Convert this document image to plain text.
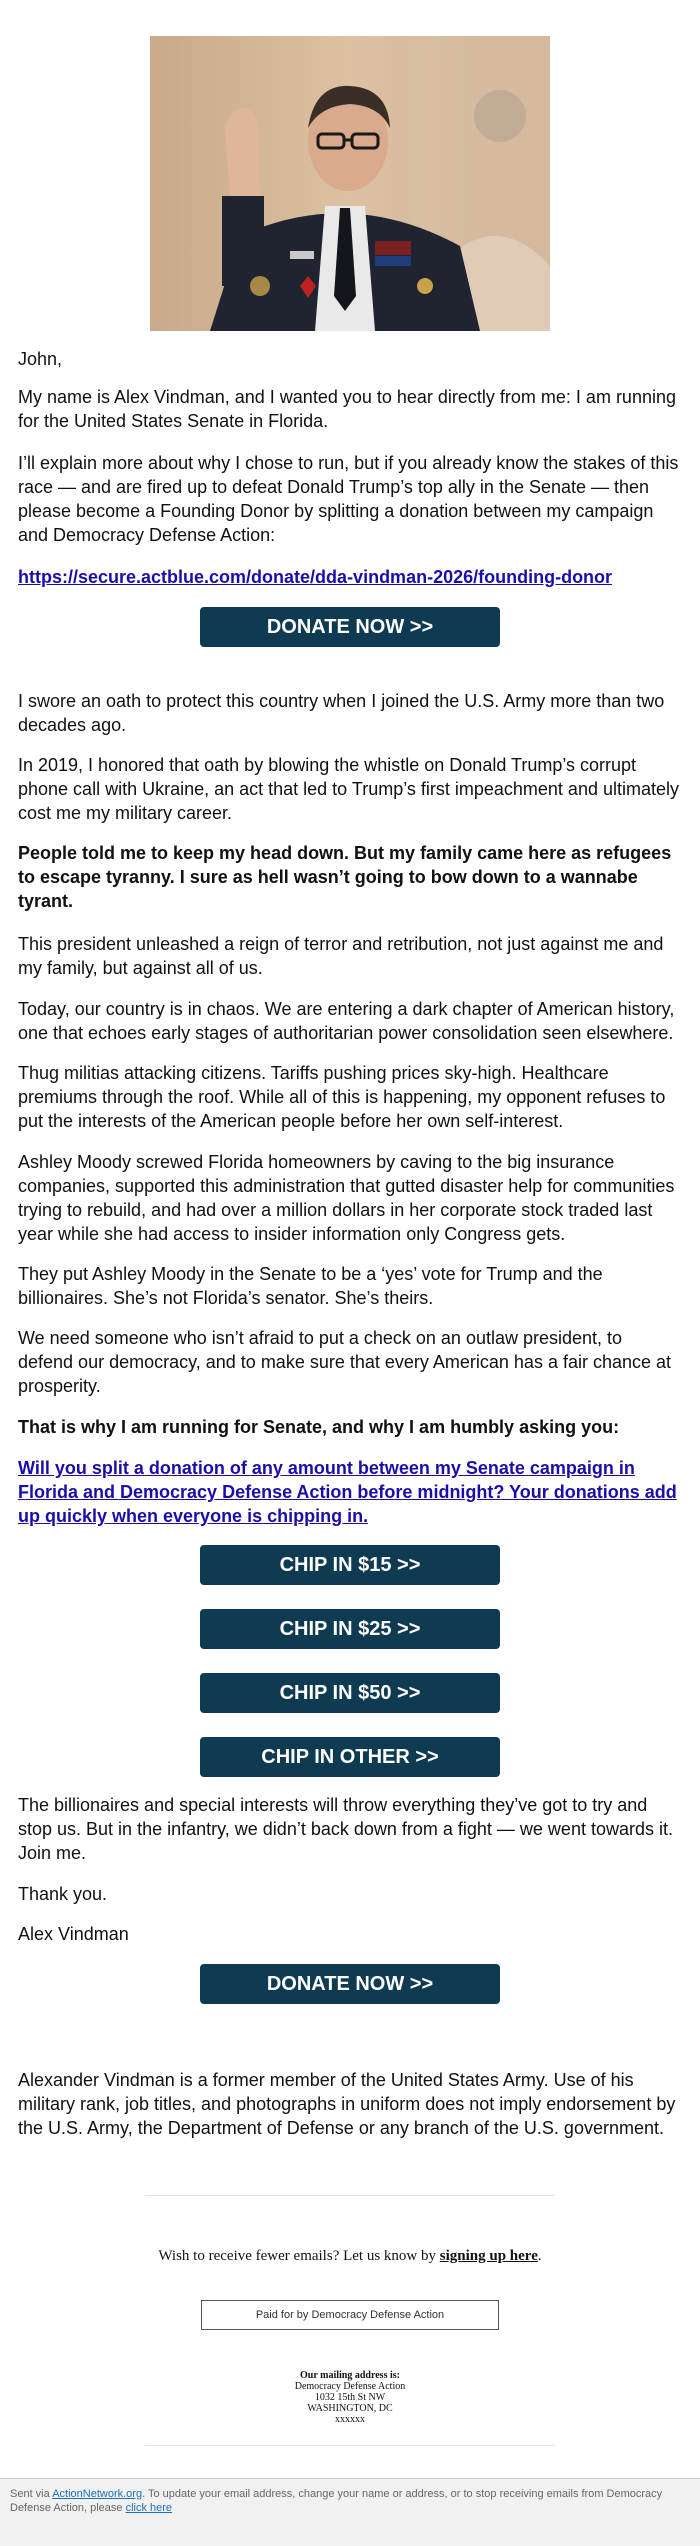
John,

My name is Alex Vindman, and I wanted you to hear directly from me: I am running for the United States Senate in Florida.

I’ll explain more about why I chose to run, but if you already know the stakes of this race — and are fired up to defeat Donald Trump’s top ally in the Senate — then please become a Founding Donor by splitting a donation between my campaign and Democracy Defense Action:

https://secure.actblue.com/donate/dda-vindman-2026/founding-donor

DONATE NOW >>

I swore an oath to protect this country when I joined the U.S. Army more than two decades ago.

In 2019, I honored that oath by blowing the whistle on Donald Trump’s corrupt phone call with Ukraine, an act that led to Trump’s first impeachment and ultimately cost me my military career.

People told me to keep my head down. But my family came here as refugees to escape tyranny. I sure as hell wasn’t going to bow down to a wannabe tyrant.

This president unleashed a reign of terror and retribution, not just against me and my family, but against all of us.

Today, our country is in chaos. We are entering a dark chapter of American history, one that echoes early stages of authoritarian power consolidation seen elsewhere.

Thug militias attacking citizens. Tariffs pushing prices sky-high. Healthcare premiums through the roof. While all of this is happening, my opponent refuses to put the interests of the American people before her own self-interest.

Ashley Moody screwed Florida homeowners by caving to the big insurance companies, supported this administration that gutted disaster help for communities trying to rebuild, and had over a million dollars in her corporate stock traded last year while she had access to insider information only Congress gets.

They put Ashley Moody in the Senate to be a ‘yes’ vote for Trump and the billionaires. She’s not Florida’s senator. She’s theirs.

We need someone who isn’t afraid to put a check on an outlaw president, to defend our democracy, and to make sure that every American has a fair chance at prosperity.

That is why I am running for Senate, and why I am humbly asking you:

Will you split a donation of any amount between my Senate campaign in Florida and Democracy Defense Action before midnight? Your donations add up quickly when everyone is chipping in.

CHIP IN $15 >>
CHIP IN $25 >>
CHIP IN $50 >>
CHIP IN OTHER >>

The billionaires and special interests will throw everything they’ve got to try and stop us. But in the infantry, we didn’t back down from a fight — we went towards it. Join me.

Thank you.

Alex Vindman

DONATE NOW >>

Alexander Vindman is a former member of the United States Army. Use of his military rank, job titles, and photographs in uniform does not imply endorsement by the U.S. Army, the Department of Defense or any branch of the U.S. government.

Wish to receive fewer emails? Let us know by signing up here.
Paid for by Democracy Defense Action
Our mailing address is:
Democracy Defense Action
1032 15th St NW
WASHINGTON, DC
xxxxxx
Sent via ActionNetwork.org. To update your email address, change your name or address, or to stop receiving emails from Democracy Defense Action, please click here
